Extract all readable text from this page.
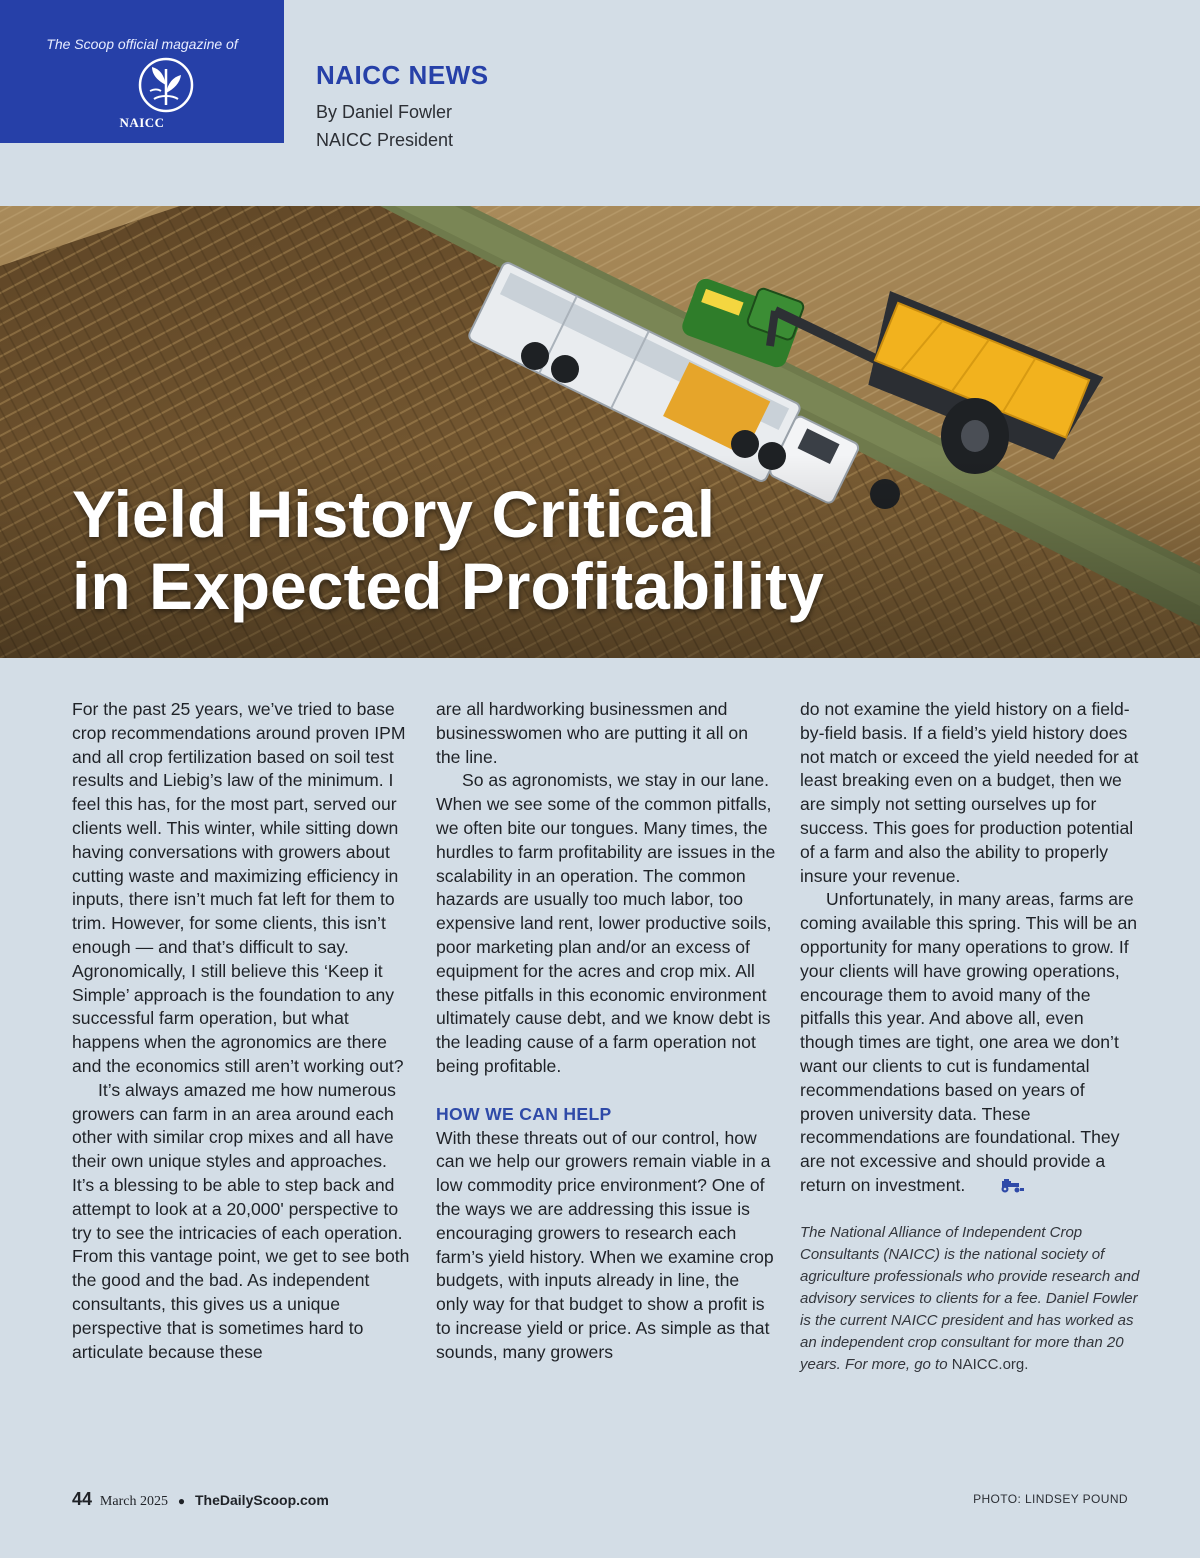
The Scoop official magazine of
NAICC
NAICC NEWS
By Daniel Fowler
NAICC President
Yield History Critical
in Expected Profitability

For the past 25 years, we’ve tried to base crop recommendations around proven IPM and all crop fertilization based on soil test results and Liebig’s law of the minimum. I feel this has, for the most part, served our clients well. This winter, while sitting down having conversations with growers about cutting waste and maximizing efficiency in inputs, there isn’t much fat left for them to trim. However, for some clients, this isn’t enough — and that’s difficult to say. Agronomically, I still believe this ‘Keep it Simple’ approach is the foundation to any successful farm operation, but what happens when the agronomics are there and the economics still aren’t working out?

It’s always amazed me how numerous growers can farm in an area around each other with similar crop mixes and all have their own unique styles and approaches. It’s a blessing to be able to step back and attempt to look at a 20,000' perspective to try to see the intricacies of each operation. From this vantage point, we get to see both the good and the bad. As independent consultants, this gives us a unique perspective that is sometimes hard to articulate because these

are all hardworking businessmen and businesswomen who are putting it all on the line.

So as agronomists, we stay in our lane. When we see some of the common pitfalls, we often bite our tongues. Many times, the hurdles to farm profitability are issues in the scalability in an operation. The common hazards are usually too much labor, too expensive land rent, lower productive soils, poor marketing plan and/or an excess of equipment for the acres and crop mix. All these pitfalls in this economic environment ultimately cause debt, and we know debt is the leading cause of a farm operation not being profitable.

HOW WE CAN HELP

With these threats out of our control, how can we help our growers remain viable in a low commodity price environment? One of the ways we are addressing this issue is encouraging growers to research each farm’s yield history. When we examine crop budgets, with inputs already in line, the only way for that budget to show a profit is to increase yield or price. As simple as that sounds, many growers

do not examine the yield history on a field-by-field basis. If a field’s yield history does not match or exceed the yield needed for at least breaking even on a budget, then we are simply not setting ourselves up for success. This goes for production potential of a farm and also the ability to properly insure your revenue.

Unfortunately, in many areas, farms are coming available this spring. This will be an opportunity for many operations to grow. If your clients will have growing operations, encourage them to avoid many of the pitfalls this year. And above all, even though times are tight, one area we don’t want our clients to cut is fundamental recommendations based on years of proven university data. These recommendations are foundational. They are not excessive and should provide a return on investment.

The National Alliance of Independent Crop Consultants (NAICC) is the national society of agriculture professionals who provide research and advisory services to clients for a fee. Daniel Fowler is the current NAICC president and has worked as an independent crop consultant for more than 20 years. For more, go to NAICC.org.
44 March 2025 ● TheDailyScoop.com	PHOTO: LINDSEY POUND
